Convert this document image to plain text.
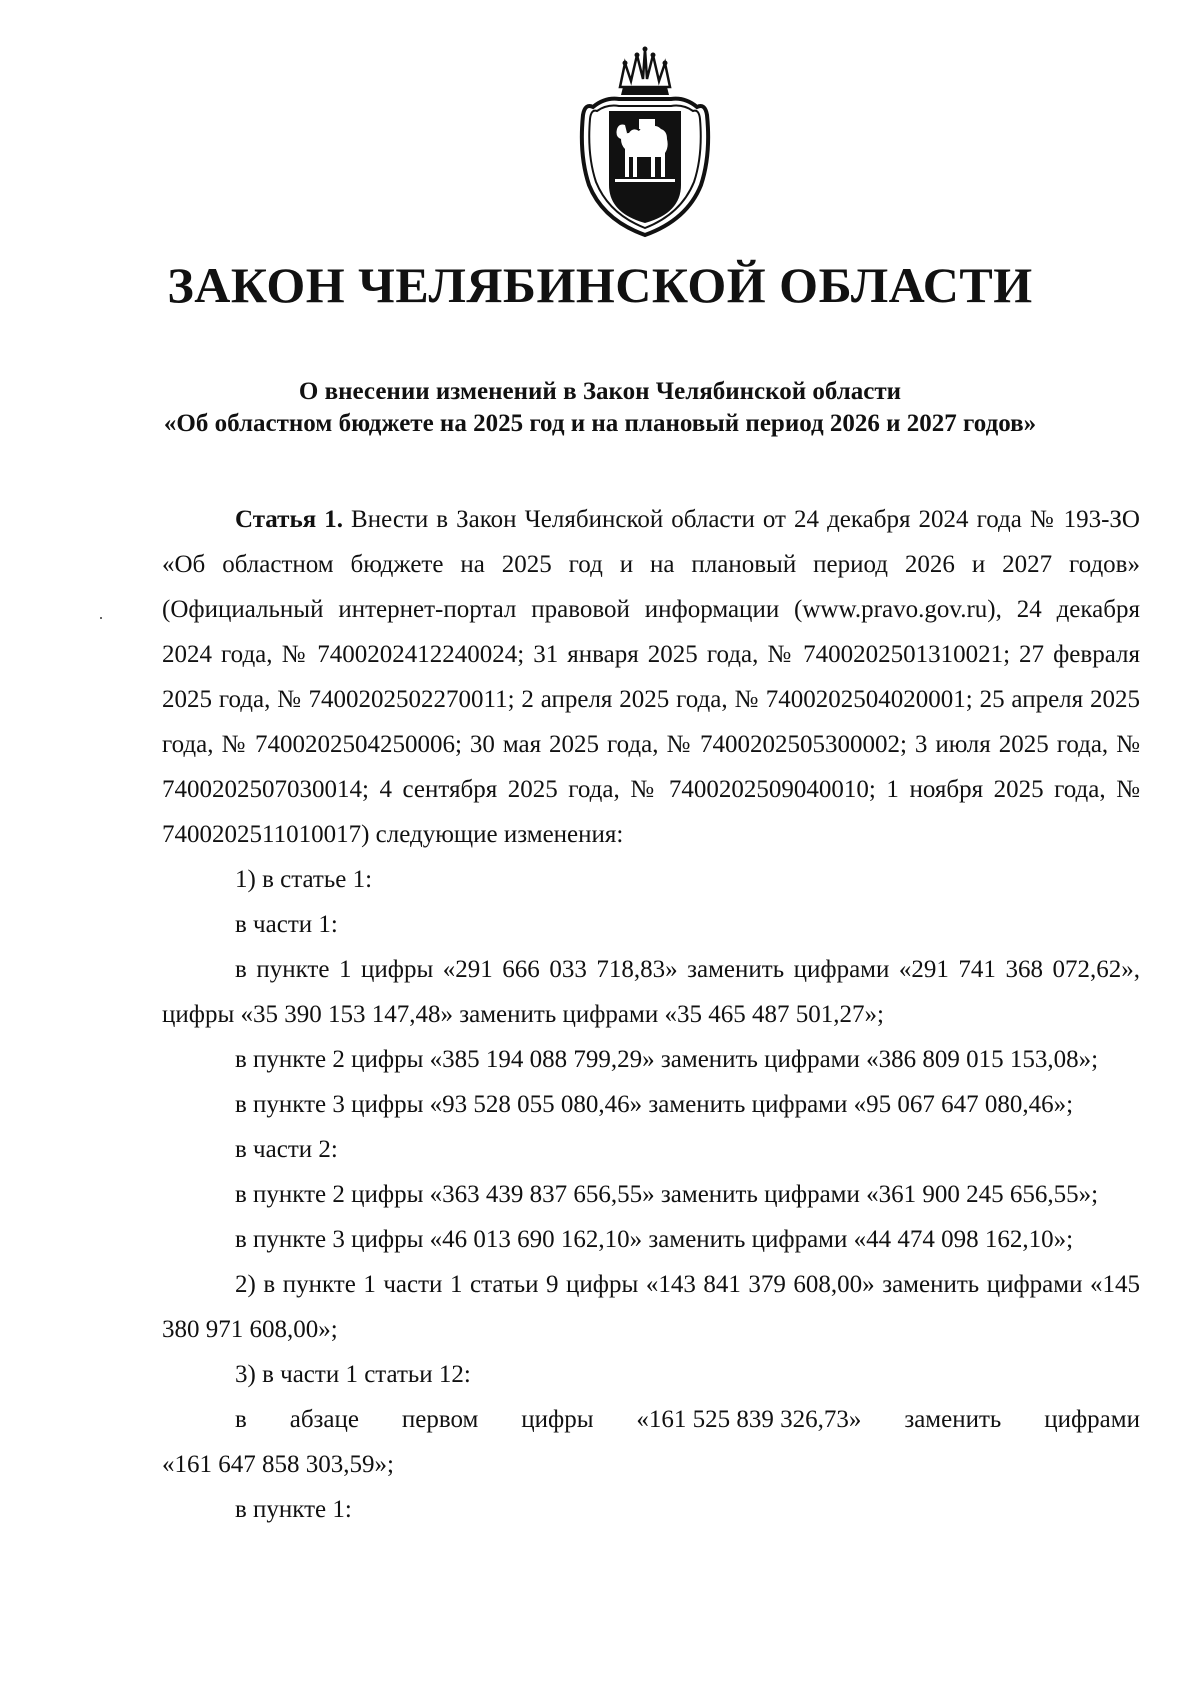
ЗАКОН ЧЕЛЯБИНСКОЙ ОБЛАСТИ
О внесении изменений в Закон Челябинской области
«Об областном бюджете на 2025 год и на плановый период 2026 и 2027 годов»

Статья 1. Внести в Закон Челябинской области от 24 декабря 2024 года № 193-ЗО «Об областном бюджете на 2025 год и на плановый период 2026 и 2027 годов» (Официальный интернет-портал правовой информации (www.pravo.gov.ru), 24 декабря 2024 года, № 7400202412240024; 31 января 2025 года, № 7400202501310021; 27 февраля 2025 года, № 7400202502270011; 2 апреля 2025 года, № 7400202504020001; 25 апреля 2025 года, № 7400202504250006; 30 мая 2025 года, № 7400202505300002; 3 июля 2025 года, № 7400202507030014; 4 сентября 2025 года, № 7400202509040010; 1 ноября 2025 года, № 7400202511010017) следующие изменения:

1) в статье 1:

в части 1:

в пункте 1 цифры «291 666 033 718,83» заменить цифрами «291 741 368 072,62», цифры «35 390 153 147,48» заменить цифрами «35 465 487 501,27»;

в пункте 2 цифры «385 194 088 799,29» заменить цифрами «386 809 015 153,08»;

в пункте 3 цифры «93 528 055 080,46» заменить цифрами «95 067 647 080,46»;

в части 2:

в пункте 2 цифры «363 439 837 656,55» заменить цифрами «361 900 245 656,55»;

в пункте 3 цифры «46 013 690 162,10» заменить цифрами «44 474 098 162,10»;

2) в пункте 1 части 1 статьи 9 цифры «143 841 379 608,00» заменить цифрами «145 380 971 608,00»;

3) в части 1 статьи 12:

в абзаце первом цифры «161 525 839 326,73» заменить цифрами

«161 647 858 303,59»;

в пункте 1:
